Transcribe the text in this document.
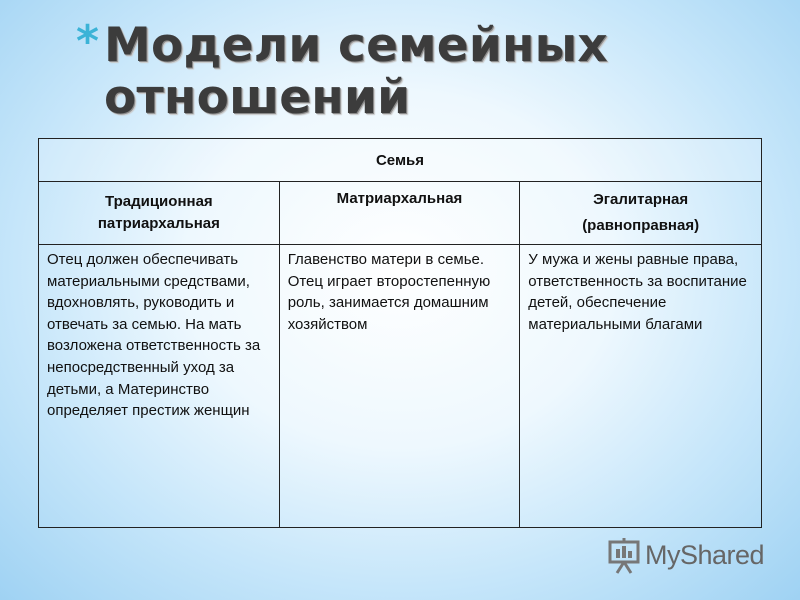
* Модели семейных отношений
Семья		

Традиционная патриархальная	Матриархальная	Эгалитарная (равноправная)

Отец должен обеспечивать материальными средствами, вдохновлять, руководить и отвечать за семью. На мать возложена ответственность за непосредственный уход за детьми, а Материнство определяет престиж женщин	Главенство матери в семье. Отец играет второстепенную роль, занимается домашним хозяйством	У мужа и жены равные права, ответственность за воспитание детей, обеспечение материальными благами
MyShared
